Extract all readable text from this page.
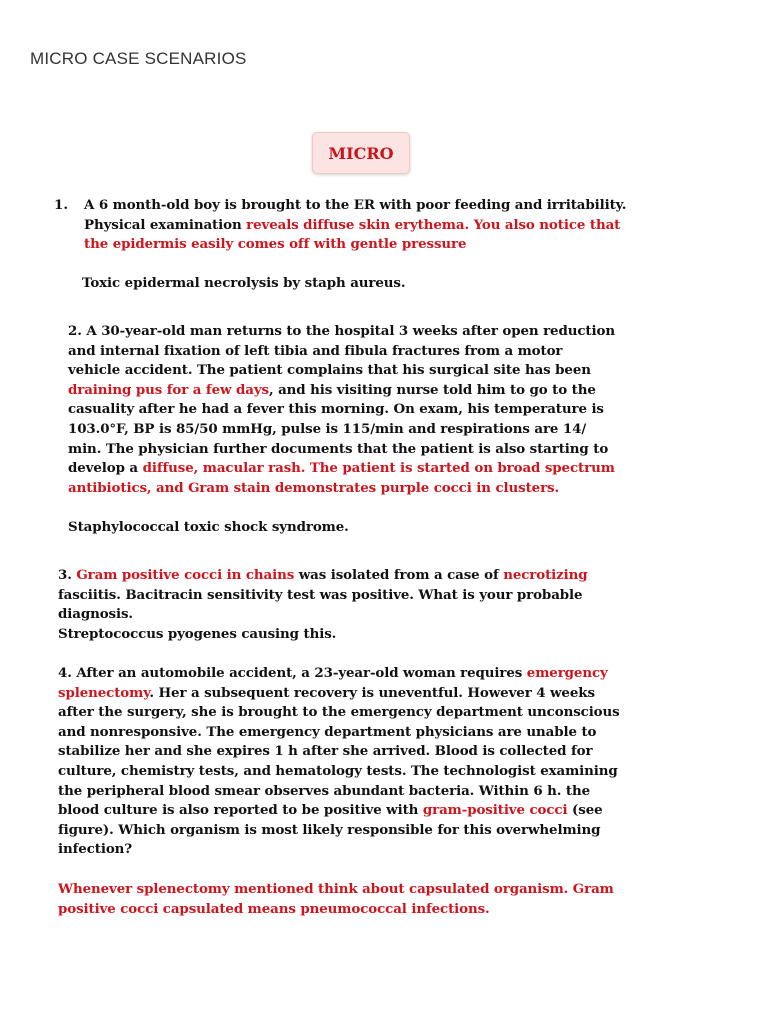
MICRO CASE SCENARIOS
MICRO
1. A 6 month-old boy is brought to the ER with poor feeding and irritability.
Physical examination reveals diffuse skin erythema. You also notice that
the epidermis easily comes off with gentle pressure
Toxic epidermal necrolysis by staph aureus.
2. A 30-year-old man returns to the hospital 3 weeks after open reduction
and internal fixation of left tibia and fibula fractures from a motor
vehicle accident. The patient complains that his surgical site has been
draining pus for a few days, and his visiting nurse told him to go to the
casuality after he had a fever this morning. On exam, his temperature is
103.0°F, BP is 85/50 mmHg, pulse is 115/min and respirations are 14/
min. The physician further documents that the patient is also starting to
develop a diffuse, macular rash. The patient is started on broad spectrum
antibiotics, and Gram stain demonstrates purple cocci in clusters.
Staphylococcal toxic shock syndrome.
3. Gram positive cocci in chains was isolated from a case of necrotizing
fasciitis. Bacitracin sensitivity test was positive. What is your probable
diagnosis.
Streptococcus pyogenes causing this.
4. After an automobile accident, a 23-year-old woman requires emergency
splenectomy. Her a subsequent recovery is uneventful. However 4 weeks
after the surgery, she is brought to the emergency department unconscious
and nonresponsive. The emergency department physicians are unable to
stabilize her and she expires 1 h after she arrived. Blood is collected for
culture, chemistry tests, and hematology tests. The technologist examining
the peripheral blood smear observes abundant bacteria. Within 6 h. the
blood culture is also reported to be positive with gram-positive cocci (see
figure). Which organism is most likely responsible for this overwhelming
infection?
Whenever splenectomy mentioned think about capsulated organism. Gram
positive cocci capsulated means pneumococcal infections.
